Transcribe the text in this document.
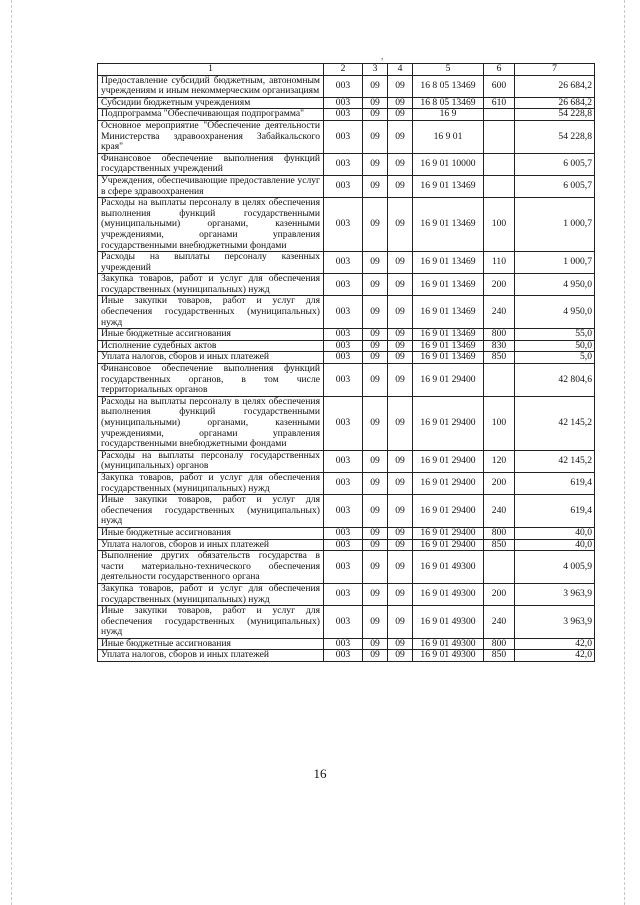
,
1	2	3	4	5	6	7
Предоставление субсидий бюджетным, автономным учреждениям и иным некоммерческим организациям	003	09	09	16 8 05 13469	600	26 684,2
Субсидии бюджетным учреждениям	003	09	09	16 8 05 13469	610	26 684,2
Подпрограмма "Обеспечивающая подпрограмма"	003	09	09	16 9		54 228,8
Основное мероприятие "Обеспечение деятельности Министерства здравоохранения Забайкальского края"	003	09	09	16 9 01		54 228,8
Финансовое обеспечение выполнения функций государственных учреждений	003	09	09	16 9 01 10000		6 005,7
Учреждения, обеспечивающие предоставление услуг в сфере здравоохранения	003	09	09	16 9 01 13469		6 005,7
Расходы на выплаты персоналу в целях обеспечения выполнения функций государственными (муниципальными) органами, казенными учреждениями, органами управления государственными внебюджетными фондами	003	09	09	16 9 01 13469	100	1 000,7
Расходы на выплаты персоналу казенных учреждений	003	09	09	16 9 01 13469	110	1 000,7
Закупка товаров, работ и услуг для обеспечения государственных (муниципальных) нужд	003	09	09	16 9 01 13469	200	4 950,0
Иные закупки товаров, работ и услуг для обеспечения государственных (муниципальных) нужд	003	09	09	16 9 01 13469	240	4 950,0
Иные бюджетные ассигнования	003	09	09	16 9 01 13469	800	55,0
Исполнение судебных актов	003	09	09	16 9 01 13469	830	50,0
Уплата налогов, сборов и иных платежей	003	09	09	16 9 01 13469	850	5,0
Финансовое обеспечение выполнения функций государственных органов, в том числе территориальных органов	003	09	09	16 9 01 29400		42 804,6
Расходы на выплаты персоналу в целях обеспечения выполнения функций государственными (муниципальными) органами, казенными учреждениями, органами управления государственными внебюджетными фондами	003	09	09	16 9 01 29400	100	42 145,2
Расходы на выплаты персоналу государственных (муниципальных) органов	003	09	09	16 9 01 29400	120	42 145,2
Закупка товаров, работ и услуг для обеспечения государственных (муниципальных) нужд	003	09	09	16 9 01 29400	200	619,4
Иные закупки товаров, работ и услуг для обеспечения государственных (муниципальных) нужд	003	09	09	16 9 01 29400	240	619,4
Иные бюджетные ассигнования	003	09	09	16 9 01 29400	800	40,0
Уплата налогов, сборов и иных платежей	003	09	09	16 9 01 29400	850	40,0
Выполнение других обязательств государства в части материально-технического обеспечения деятельности государственного органа	003	09	09	16 9 01 49300		4 005,9
Закупка товаров, работ и услуг для обеспечения государственных (муниципальных) нужд	003	09	09	16 9 01 49300	200	3 963,9
Иные закупки товаров, работ и услуг для обеспечения государственных (муниципальных) нужд	003	09	09	16 9 01 49300	240	3 963,9
Иные бюджетные ассигнования	003	09	09	16 9 01 49300	800	42,0
Уплата налогов, сборов и иных платежей	003	09	09	16 9 01 49300	850	42,0
16
